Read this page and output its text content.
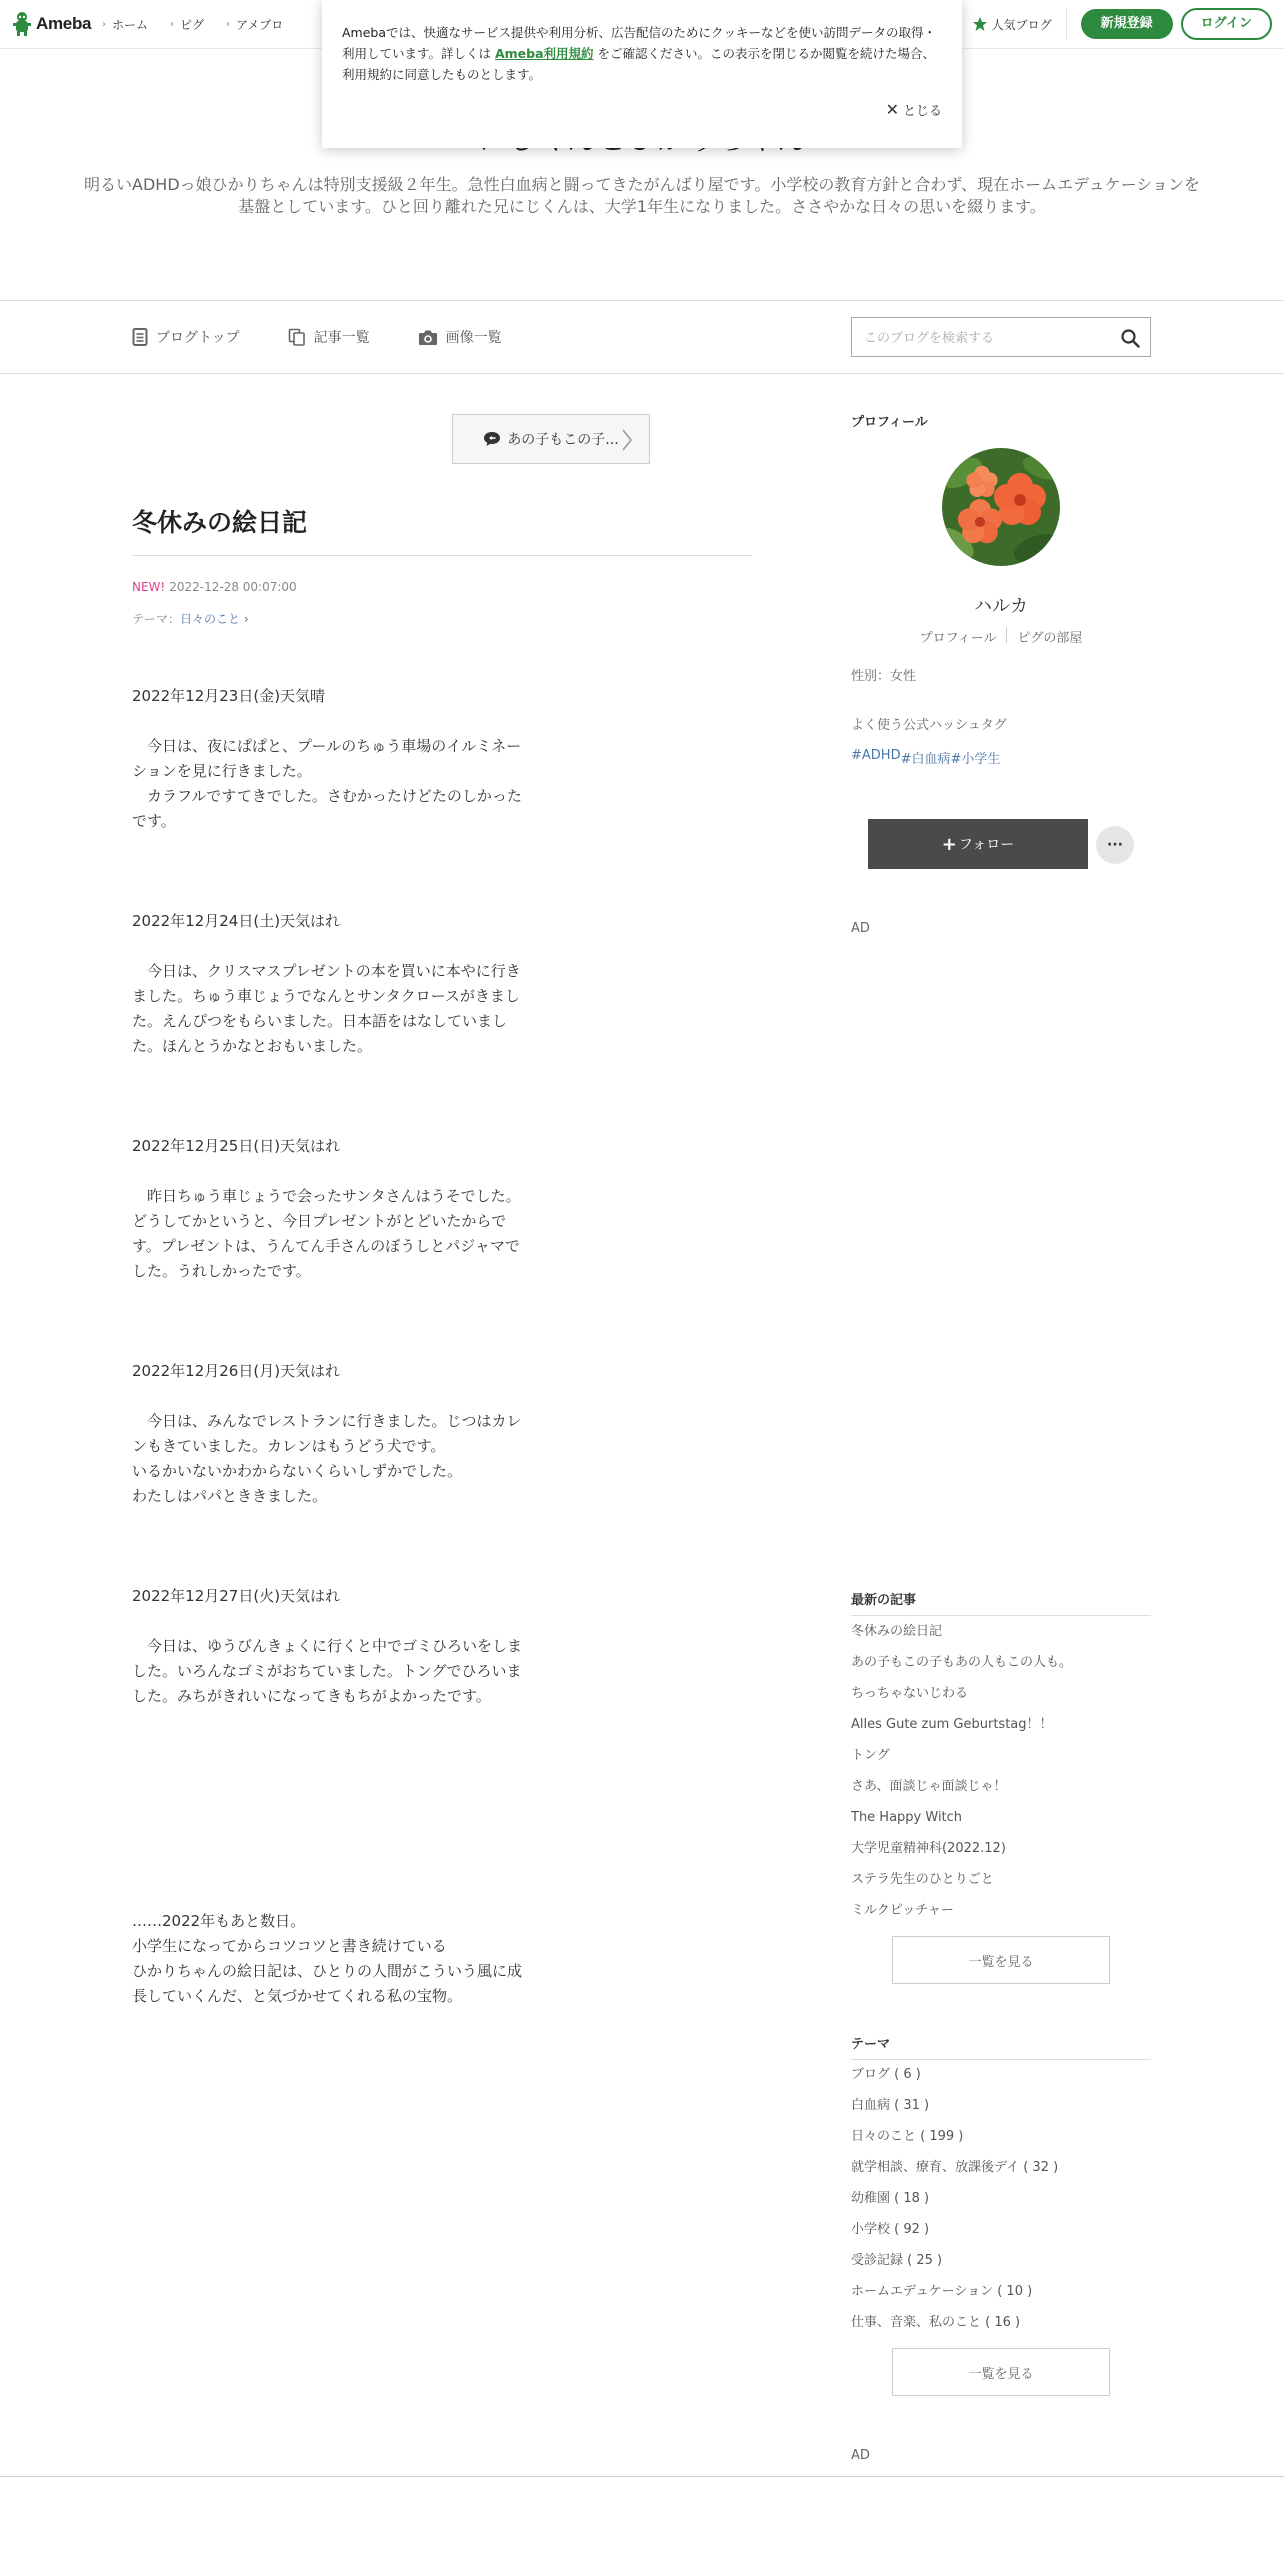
Ameba › ホーム › ピグ › アメブロ	人気ブログ	新規登録	ログイン

Amebaでは、快適なサービス提供や利用分析、広告配信のためにクッキーなどを使い訪問データの取得・利用しています。詳しくは Ameba利用規約 をご確認ください。この表示を閉じるか閲覧を続けた場合、利用規約に同意したものとします。

✕ とじる
明るいADHDっ娘ひかりちゃんは特別支援級２年生。急性白血病と闘ってきたがんばり屋です。小学校の教育方針と合わず、現在ホームエデュケーションを基盤としています。ひと回り離れた兄にじくんは、大学1年生になりました。ささやかな日々の思いを綴ります。
ブログトップ	記事一覧	画像一覧
このブログを検索する
あの子もこの子...
冬休みの絵日記
NEW! 2022-12-28 00:07:00
テーマ：日々のこと ›

2022年12月23日(金)天気晴

　今日は、夜にぱぱと、プールのちゅう車場のイルミネーションを見に行きました。
　カラフルですてきでした。さむかったけどたのしかったです。

2022年12月24日(土)天気はれ

　今日は、クリスマスプレゼントの本を買いに本やに行きました。ちゅう車じょうでなんとサンタクロースがきました。えんぴつをもらいました。日本語をはなしていました。ほんとうかなとおもいました。

2022年12月25日(日)天気はれ

　昨日ちゅう車じょうで会ったサンタさんはうそでした。どうしてかというと、今日プレゼントがとどいたからです。プレゼントは、うんてん手さんのぼうしとパジャマでした。うれしかったです。

2022年12月26日(月)天気はれ

　今日は、みんなでレストランに行きました。じつはカレンもきていました。カレンはもうどう犬です。
いるかいないかわからないくらいしずかでした。
わたしはパパとききました。

2022年12月27日(火)天気はれ

　今日は、ゆうびんきょくに行くと中でゴミひろいをしました。いろんなゴミがおちていました。トングでひろいました。みちがきれいになってきもちがよかったです。

……2022年もあと数日。
小学生になってからコツコツと書き続けている
ひかりちゃんの絵日記は、ひとりの人間がこういう風に成長していくんだ、と気づかせてくれる私の宝物。

プロフィール
ハルカ
プロフィール ピグの部屋
性別：女性
よく使う公式ハッシュタグ
#ADHD #白血病 #小学生
+ フォロー	···
AD
最新の記事
冬休みの絵日記
あの子もこの子もあの人もこの人も。
ちっちゃないじわる
Alles Gute zum Geburtstag！！
トング
さあ、面談じゃ面談じゃ！
The Happy Witch
大学児童精神科(2022.12)
ステラ先生のひとりごと
ミルクピッチャー
一覧を見る
テーマ
ブログ ( 6 )
白血病 ( 31 )
日々のこと ( 199 )
就学相談、療育、放課後デイ ( 32 )
幼稚園 ( 18 )
小学校 ( 92 )
受診記録 ( 25 )
ホームエデュケーション ( 10 )
仕事、音楽、私のこと ( 16 )
一覧を見る
AD
